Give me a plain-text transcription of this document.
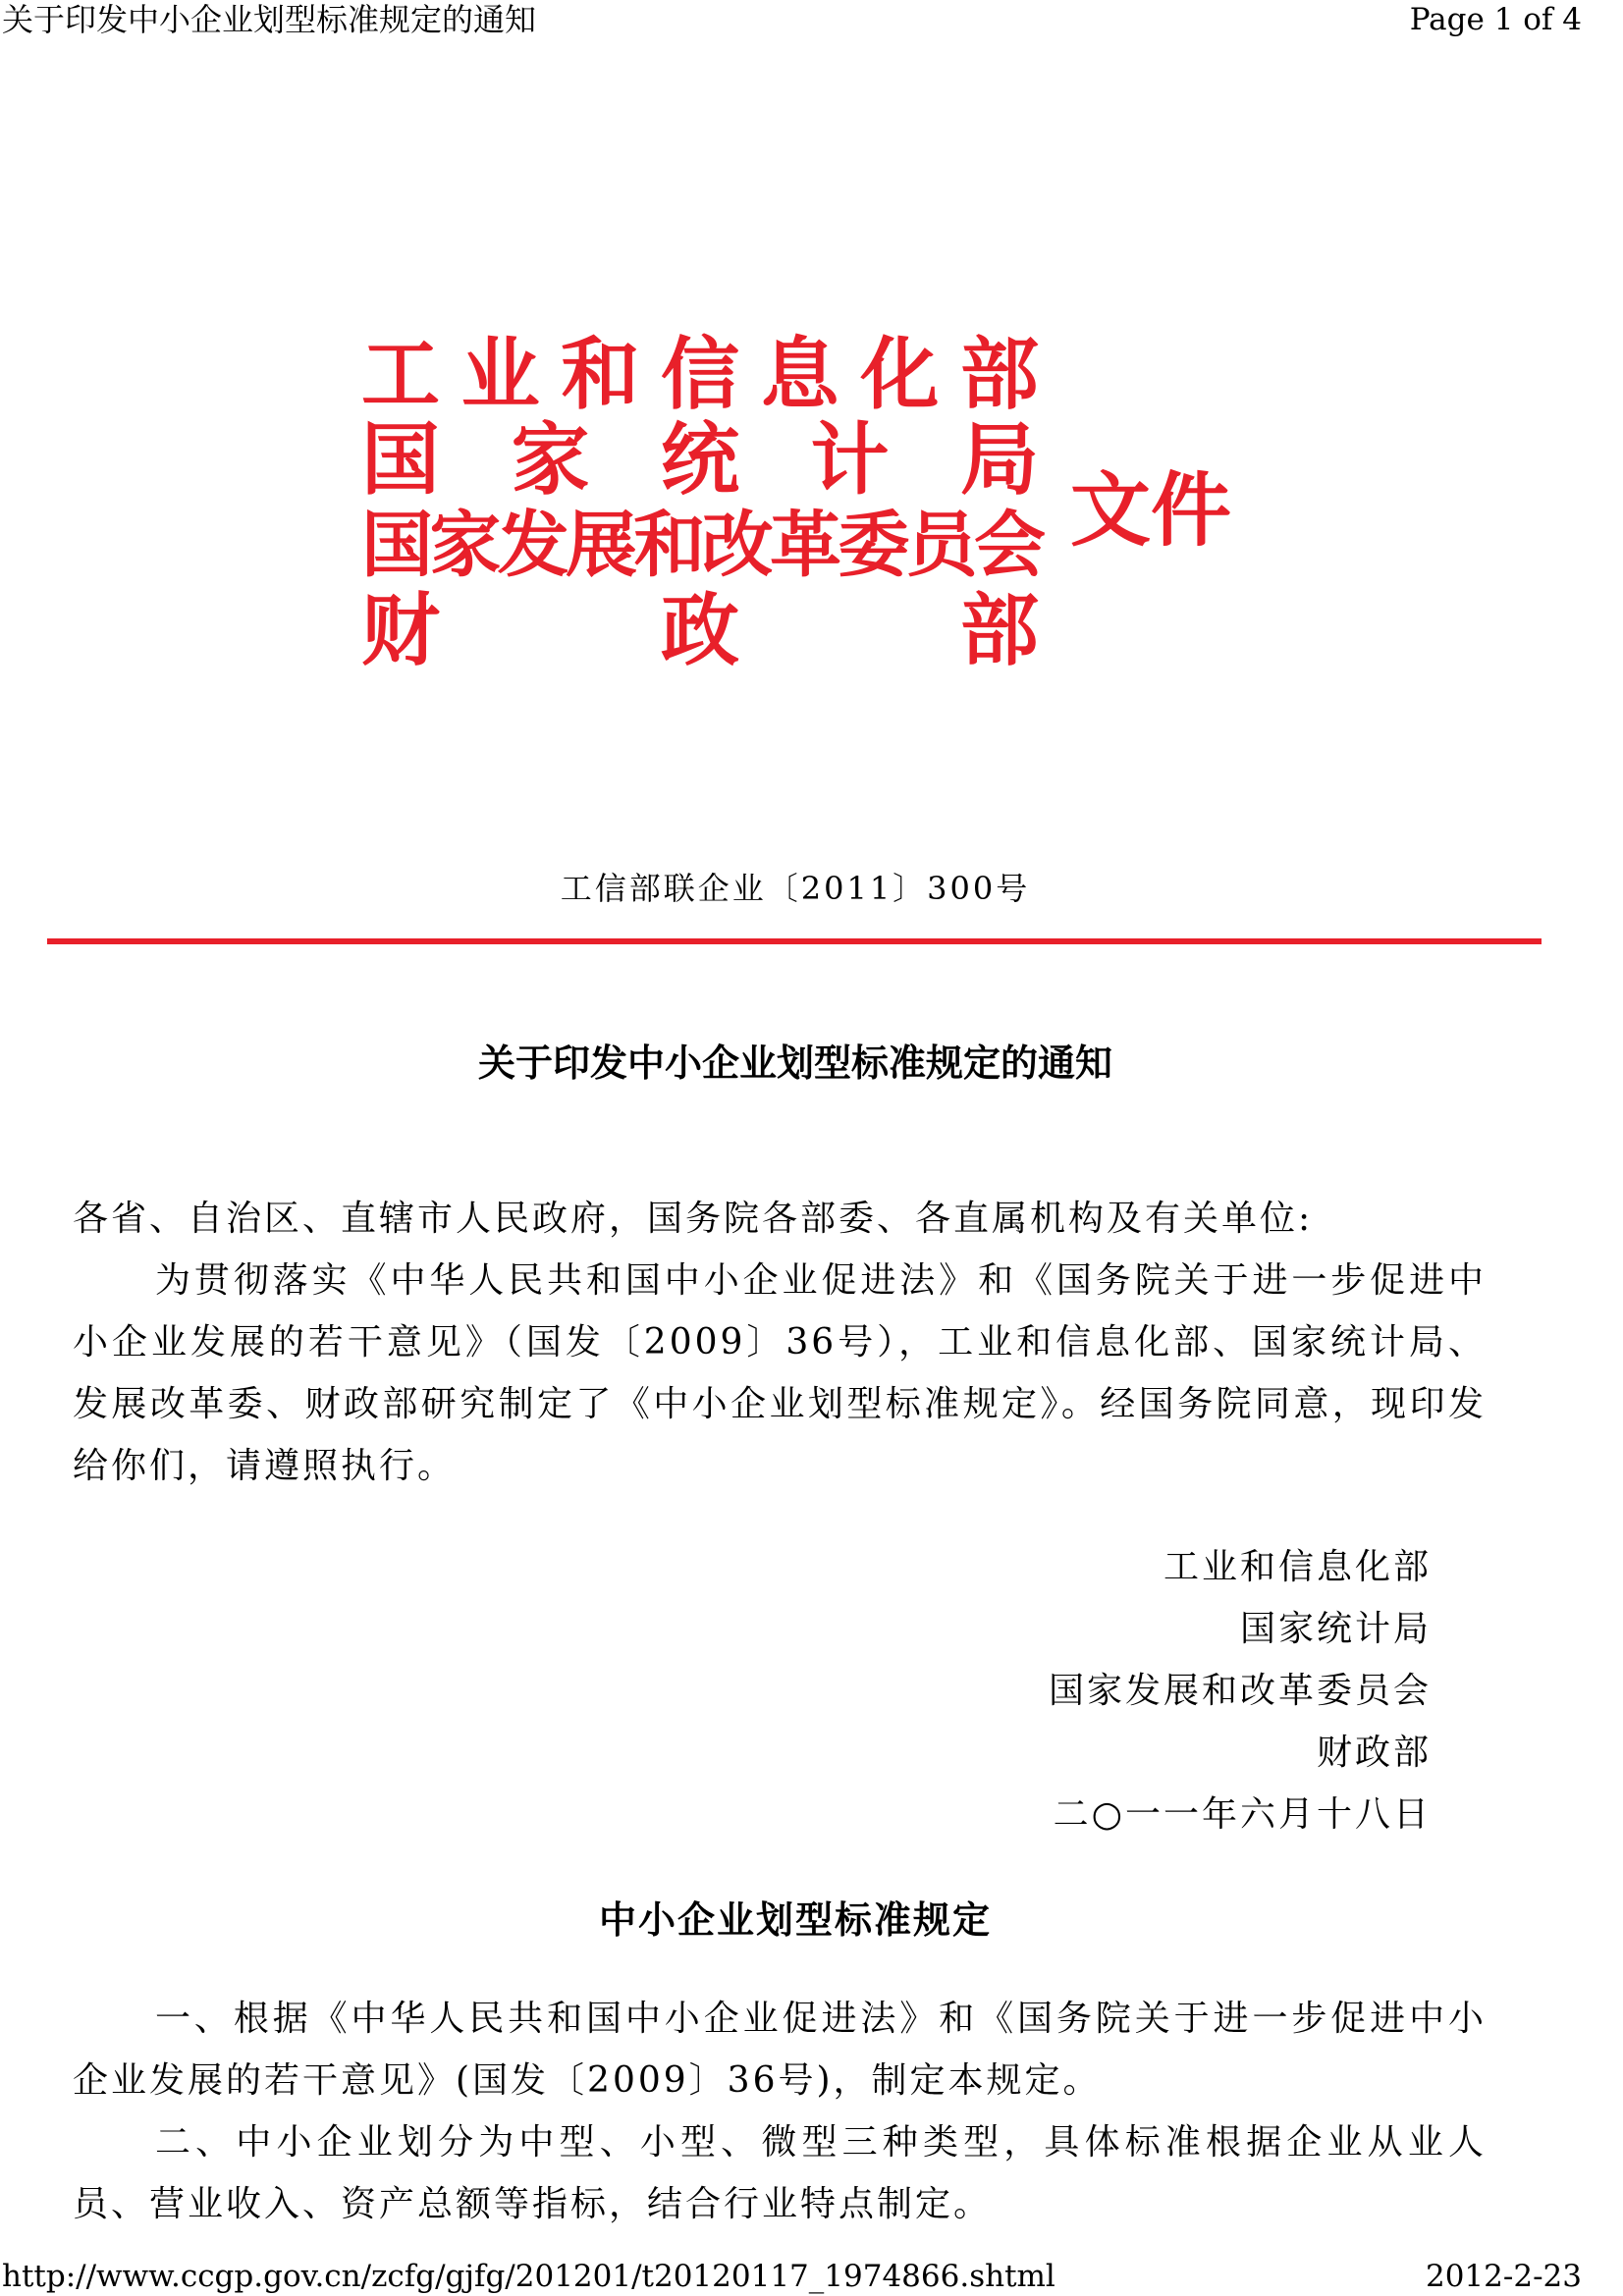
关于印发中小企业划型标准规定的通知	Page 1 of 4
工业和信息化部
国 家 统 计 局
国家发展和改革委员会
财 政 部
文件
工信部联企业〔2011〕300号
关于印发中小企业划型标准规定的通知
各省、自治区、直辖市人民政府，国务院各部委、各直属机构及有关单位:

为贯彻落实《中华人民共和国中小企业促进法》和《国务院关于进一步促进中小企业发展的若干意见》（国发〔2009〕36号），工业和信息化部、国家统计局、发展改革委、财政部研究制定了《中小企业划型标准规定》。经国务院同意，现印发给你们，请遵照执行。

工业和信息化部
国家统计局
国家发展和改革委员会
财政部
二○一一年六月十八日
中小企业划型标准规定

一、根据《中华人民共和国中小企业促进法》和《国务院关于进一步促进中小企业发展的若干意见》(国发〔2009〕36号)，制定本规定。

二、中小企业划分为中型、小型、微型三种类型，具体标准根据企业从业人员、营业收入、资产总额等指标，结合行业特点制定。

http://www.ccgp.gov.cn/zcfg/gjfg/201201/t20120117_1974866.shtml	2012-2-23
